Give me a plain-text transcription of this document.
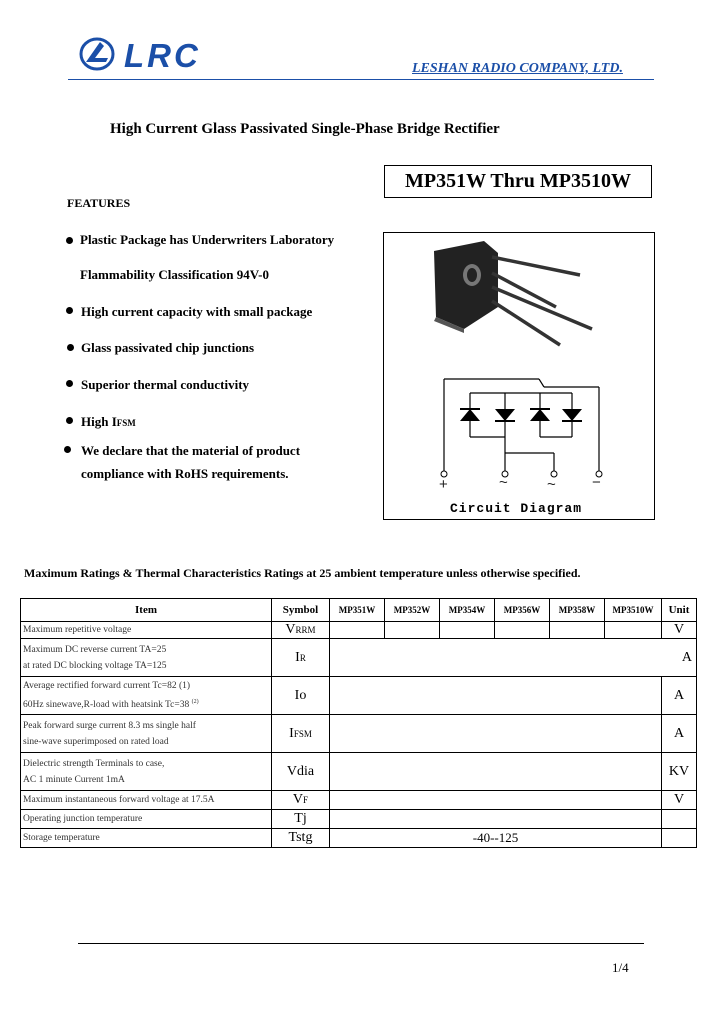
LRC	LESHAN RADIO COMPANY, LTD.
High Current Glass Passivated Single-Phase Bridge Rectifier
MP351W Thru MP3510W
FEATURES
Plastic Package has Underwriters Laboratory
Flammability Classification 94V-0
High current capacity with small package
Glass passivated chip junctions
Superior thermal conductivity
High IFSM
We declare that the material of product
compliance with RoHS requirements.
+	~	~ −
Circuit Diagram
Maximum Ratings & Thermal Characteristics Ratings at 25 ambient temperature unless otherwise specified.
Item	Symbol	MP351W	MP352W	MP354W	MP356W	MP358W	MP3510W	Unit
Maximum repetitive voltage	VRRM							V

Maximum DC reverse current TA=25
at rated DC blocking voltage TA=125	IR	A						

Average rectified forward current Tc=82 (1)
60Hz sinewave,R-load with heatsink Tc=38 $^{(2)}$	Io							A

Peak forward surge current 8.3 ms single half
sine-wave superimposed on rated load	IFSM							A

Dielectric strength Terminals to case,
AC 1 minute Current 1mA	Vdia							KV
Maximum instantaneous forward voltage at 17.5A	VF							V
Operating junction temperature	Tj							
Storage temperature	Tstg	-40--125						
1/4
